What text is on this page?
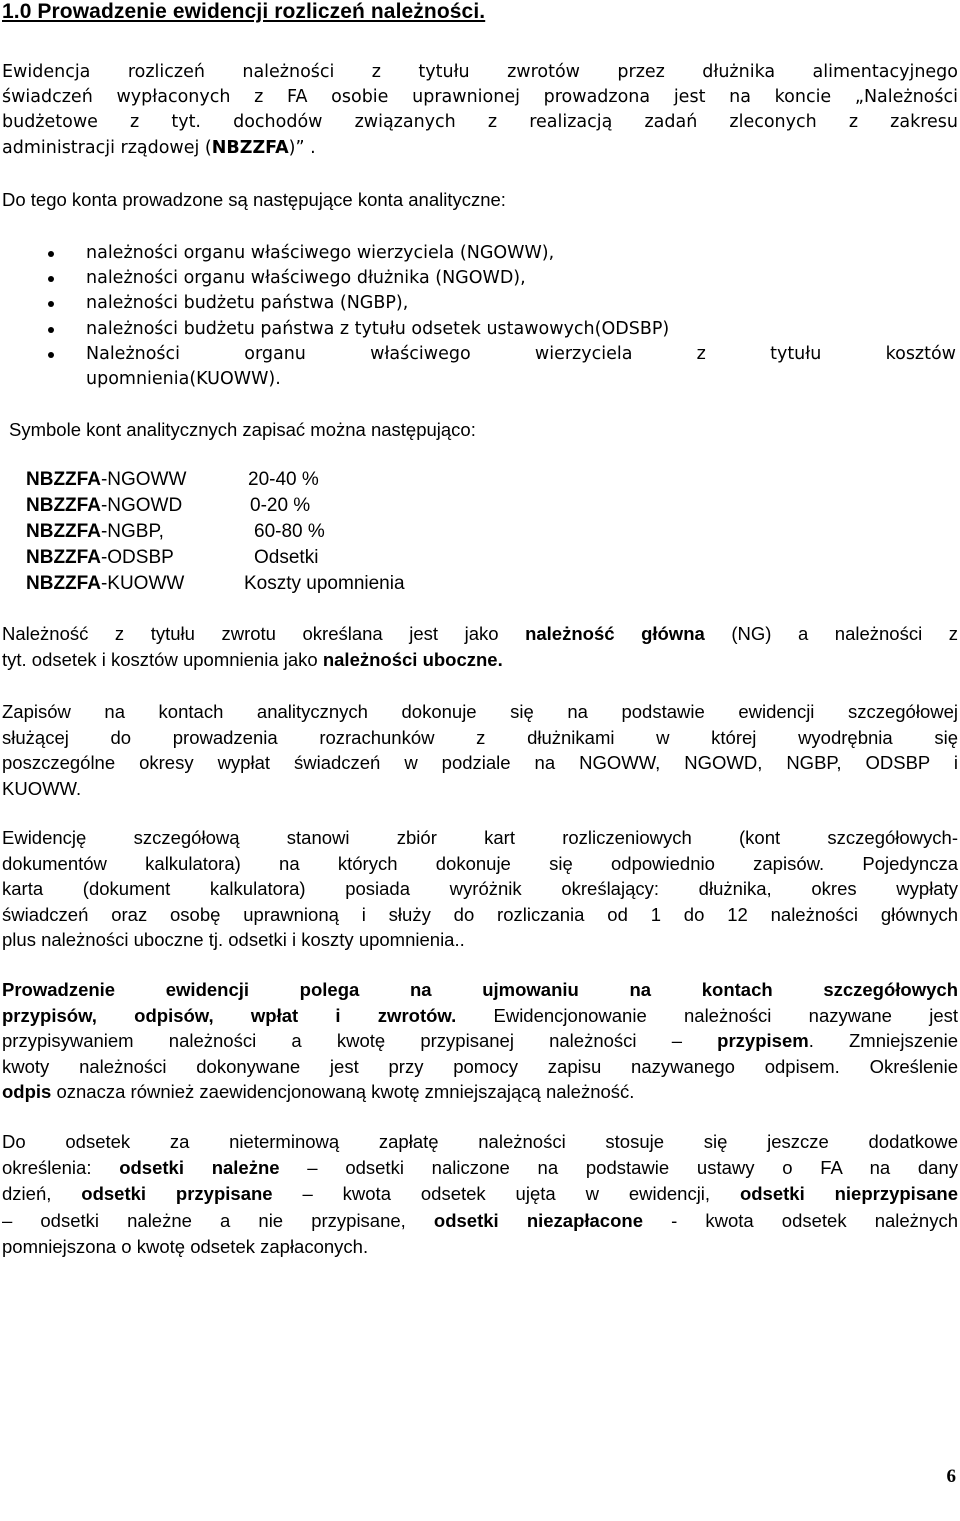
1.0 Prowadzenie ewidencji rozliczeń należności.
Ewidencja rozliczeń należności z tytułu zwrotów przez dłużnika alimentacyjnego
świadczeń wypłaconych z FA osobie uprawnionej prowadzona jest na koncie „Należności
budżetowe z tyt. dochodów związanych z realizacją zadań zleconych z zakresu
administracji rządowej (NBZZFA)” .
Do tego konta prowadzone są następujące konta analityczne:
należności organu właściwego wierzyciela (NGOWW),
należności organu właściwego dłużnika (NGOWD),
należności budżetu państwa (NGBP),
należności budżetu państwa z tytułu odsetek ustawowych(ODSBP)
Należności organu właściwego wierzyciela z tytułu kosztów
upomnienia(KUOWW).
Symbole kont analitycznych zapisać można następująco:
NBZZFA-NGOWW	20-40 %
NBZZFA-NGOWD	0-20 %
NBZZFA-NGBP,	60-80 %
NBZZFA-ODSBP	Odsetki
NBZZFA-KUOWW	Koszty upomnienia
Należność z tytułu zwrotu określana jest jako należność główna (NG) a należności z
tyt. odsetek i kosztów upomnienia jako należności uboczne.
Zapisów na kontach analitycznych dokonuje się na podstawie ewidencji szczegółowej
służącej do prowadzenia rozrachunków z dłużnikami w której wyodrębnia się
poszczególne okresy wypłat świadczeń w podziale na NGOWW, NGOWD, NGBP, ODSBP i
KUOWW.
Ewidencję szczegółową stanowi zbiór kart rozliczeniowych (kont szczegółowych-
dokumentów kalkulatora) na których dokonuje się odpowiednio zapisów. Pojedyncza
karta (dokument kalkulatora) posiada wyróżnik określający: dłużnika, okres wypłaty
świadczeń oraz osobę uprawnioną i służy do rozliczania od 1 do 12 należności głównych
plus należności uboczne tj. odsetki i koszty upomnienia..
Prowadzenie ewidencji polega na ujmowaniu na kontach szczegółowych
przypisów, odpisów, wpłat i zwrotów. Ewidencjonowanie należności nazywane jest
przypisywaniem należności a kwotę przypisanej należności – przypisem. Zmniejszenie
kwoty należności dokonywane jest przy pomocy zapisu nazywanego odpisem. Określenie
odpis oznacza również zaewidencjonowaną kwotę zmniejszającą należność.
Do odsetek za nieterminową zapłatę należności stosuje się jeszcze dodatkowe
określenia: odsetki należne – odsetki naliczone na podstawie ustawy o FA na dany
dzień, odsetki przypisane – kwota odsetek ujęta w ewidencji, odsetki nieprzypisane
– odsetki należne a nie przypisane, odsetki niezapłacone - kwota odsetek należnych
pomniejszona o kwotę odsetek zapłaconych.
6
